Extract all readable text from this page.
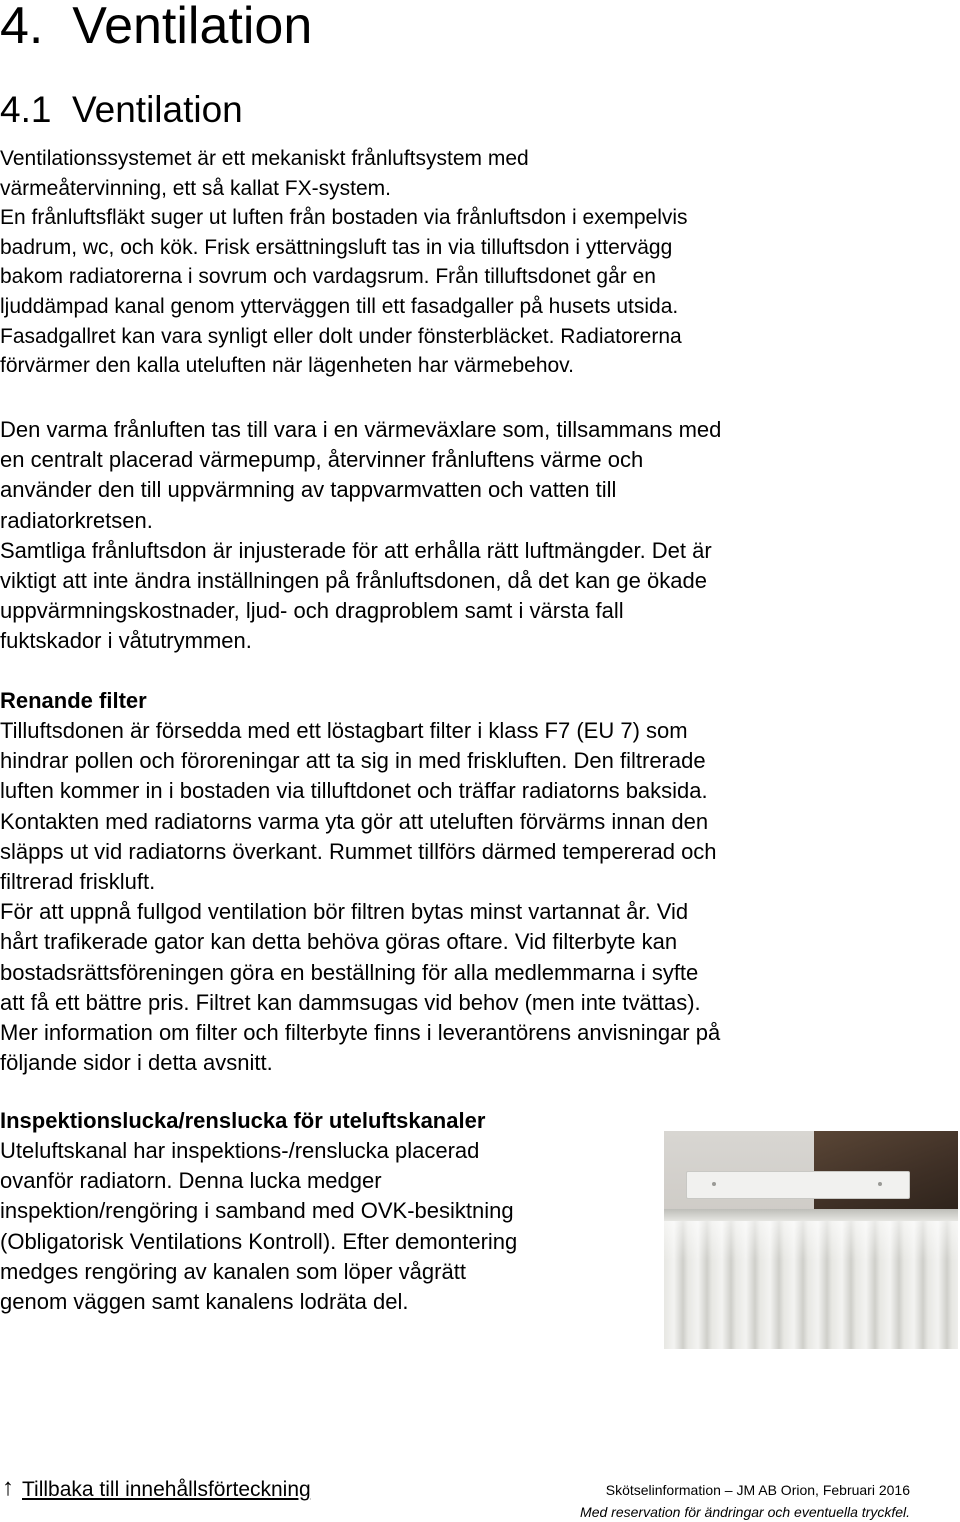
4. Ventilation
4.1 Ventilation
Ventilationssystemet är ett mekaniskt frånluftsystem med
värmeåtervinning, ett så kallat FX-system.
En frånluftsfläkt suger ut luften från bostaden via frånluftsdon i exempelvis
badrum, wc, och kök. Frisk ersättningsluft tas in via tilluftsdon i yttervägg
bakom radiatorerna i sovrum och vardagsrum. Från tilluftsdonet går en
ljuddämpad kanal genom ytterväggen till ett fasadgaller på husets utsida.
Fasadgallret kan vara synligt eller dolt under fönsterbläcket. Radiatorerna
förvärmer den kalla uteluften när lägenheten har värmebehov.
Den varma frånluften tas till vara i en värmeväxlare som, tillsammans med
en centralt placerad värmepump, återvinner frånluftens värme och
använder den till uppvärmning av tappvarmvatten och vatten till
radiatorkretsen.
Samtliga frånluftsdon är injusterade för att erhålla rätt luftmängder. Det är
viktigt att inte ändra inställningen på frånluftsdonen, då det kan ge ökade
uppvärmningskostnader, ljud- och dragproblem samt i värsta fall
fuktskador i våtutrymmen.
Renande filter
Tilluftsdonen är försedda med ett löstagbart filter i klass F7 (EU 7) som
hindrar pollen och föroreningar att ta sig in med friskluften. Den filtrerade
luften kommer in i bostaden via tilluftdonet och träffar radiatorns baksida.
Kontakten med radiatorns varma yta gör att uteluften förvärms innan den
släpps ut vid radiatorns överkant. Rummet tillförs därmed tempererad och
filtrerad friskluft.
För att uppnå fullgod ventilation bör filtren bytas minst vartannat år. Vid
hårt trafikerade gator kan detta behöva göras oftare. Vid filterbyte kan
bostadsrättsföreningen göra en beställning för alla medlemmarna i syfte
att få ett bättre pris. Filtret kan dammsugas vid behov (men inte tvättas).
Mer information om filter och filterbyte finns i leverantörens anvisningar på
följande sidor i detta avsnitt.
Inspektionslucka/renslucka för uteluftskanaler
Uteluftskanal har inspektions-/renslucka placerad
ovanför radiatorn. Denna lucka medger
inspektion/rengöring i samband med OVK-besiktning
(Obligatorisk Ventilations Kontroll). Efter demontering
medges rengöring av kanalen som löper vågrätt
genom väggen samt kanalens lodräta del.
↑ Tillbaka till innehållsförteckning	Skötselinformation – JM AB Orion, Februari 2016
Med reservation för ändringar och eventuella tryckfel.
